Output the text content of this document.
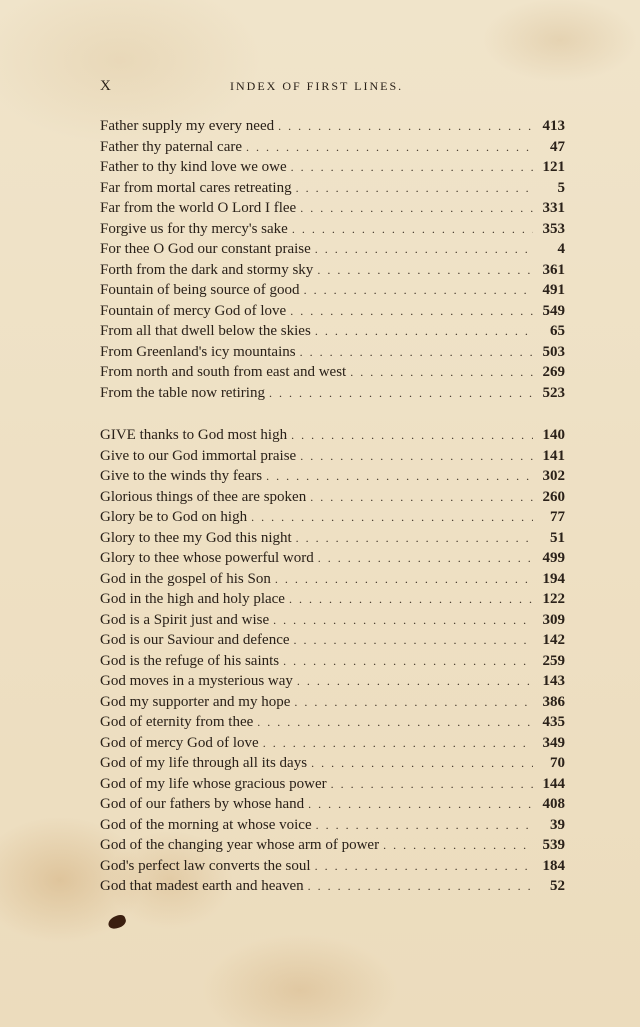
X	INDEX OF FIRST LINES.
Father supply my every need . . .	413
Father thy paternal care . . .	47
Father to thy kind love we owe . . .	121
Far from mortal cares retreating . . .	5
Far from the world O Lord I flee . . .	331
Forgive us for thy mercy's sake . . .	353
For thee O God our constant praise . . .	4
Forth from the dark and stormy sky . . .	361
Fountain of being source of good . . .	491
Fountain of mercy God of love . . .	549
From all that dwell below the skies . . .	65
From Greenland's icy mountains . . .	503
From north and south from east and west . . .	269
From the table now retiring . . .	523
GIVE thanks to God most high . . .	140
Give to our God immortal praise . . .	141
Give to the winds thy fears . . .	302
Glorious things of thee are spoken . . .	260
Glory be to God on high . . .	77
Glory to thee my God this night . . .	51
Glory to thee whose powerful word . . .	499
God in the gospel of his Son . . .	194
God in the high and holy place . . .	122
God is a Spirit just and wise . . .	309
God is our Saviour and defence . . .	142
God is the refuge of his saints . . .	259
God moves in a mysterious way . . .	143
God my supporter and my hope . . .	386
God of eternity from thee . . .	435
God of mercy God of love . . .	349
God of my life through all its days . . .	70
God of my life whose gracious power . . .	144
God of our fathers by whose hand . . .	408
God of the morning at whose voice . . .	39
God of the changing year whose arm of power . . .	539
God's perfect law converts the soul . . .	184
God that madest earth and heaven . . .	52
